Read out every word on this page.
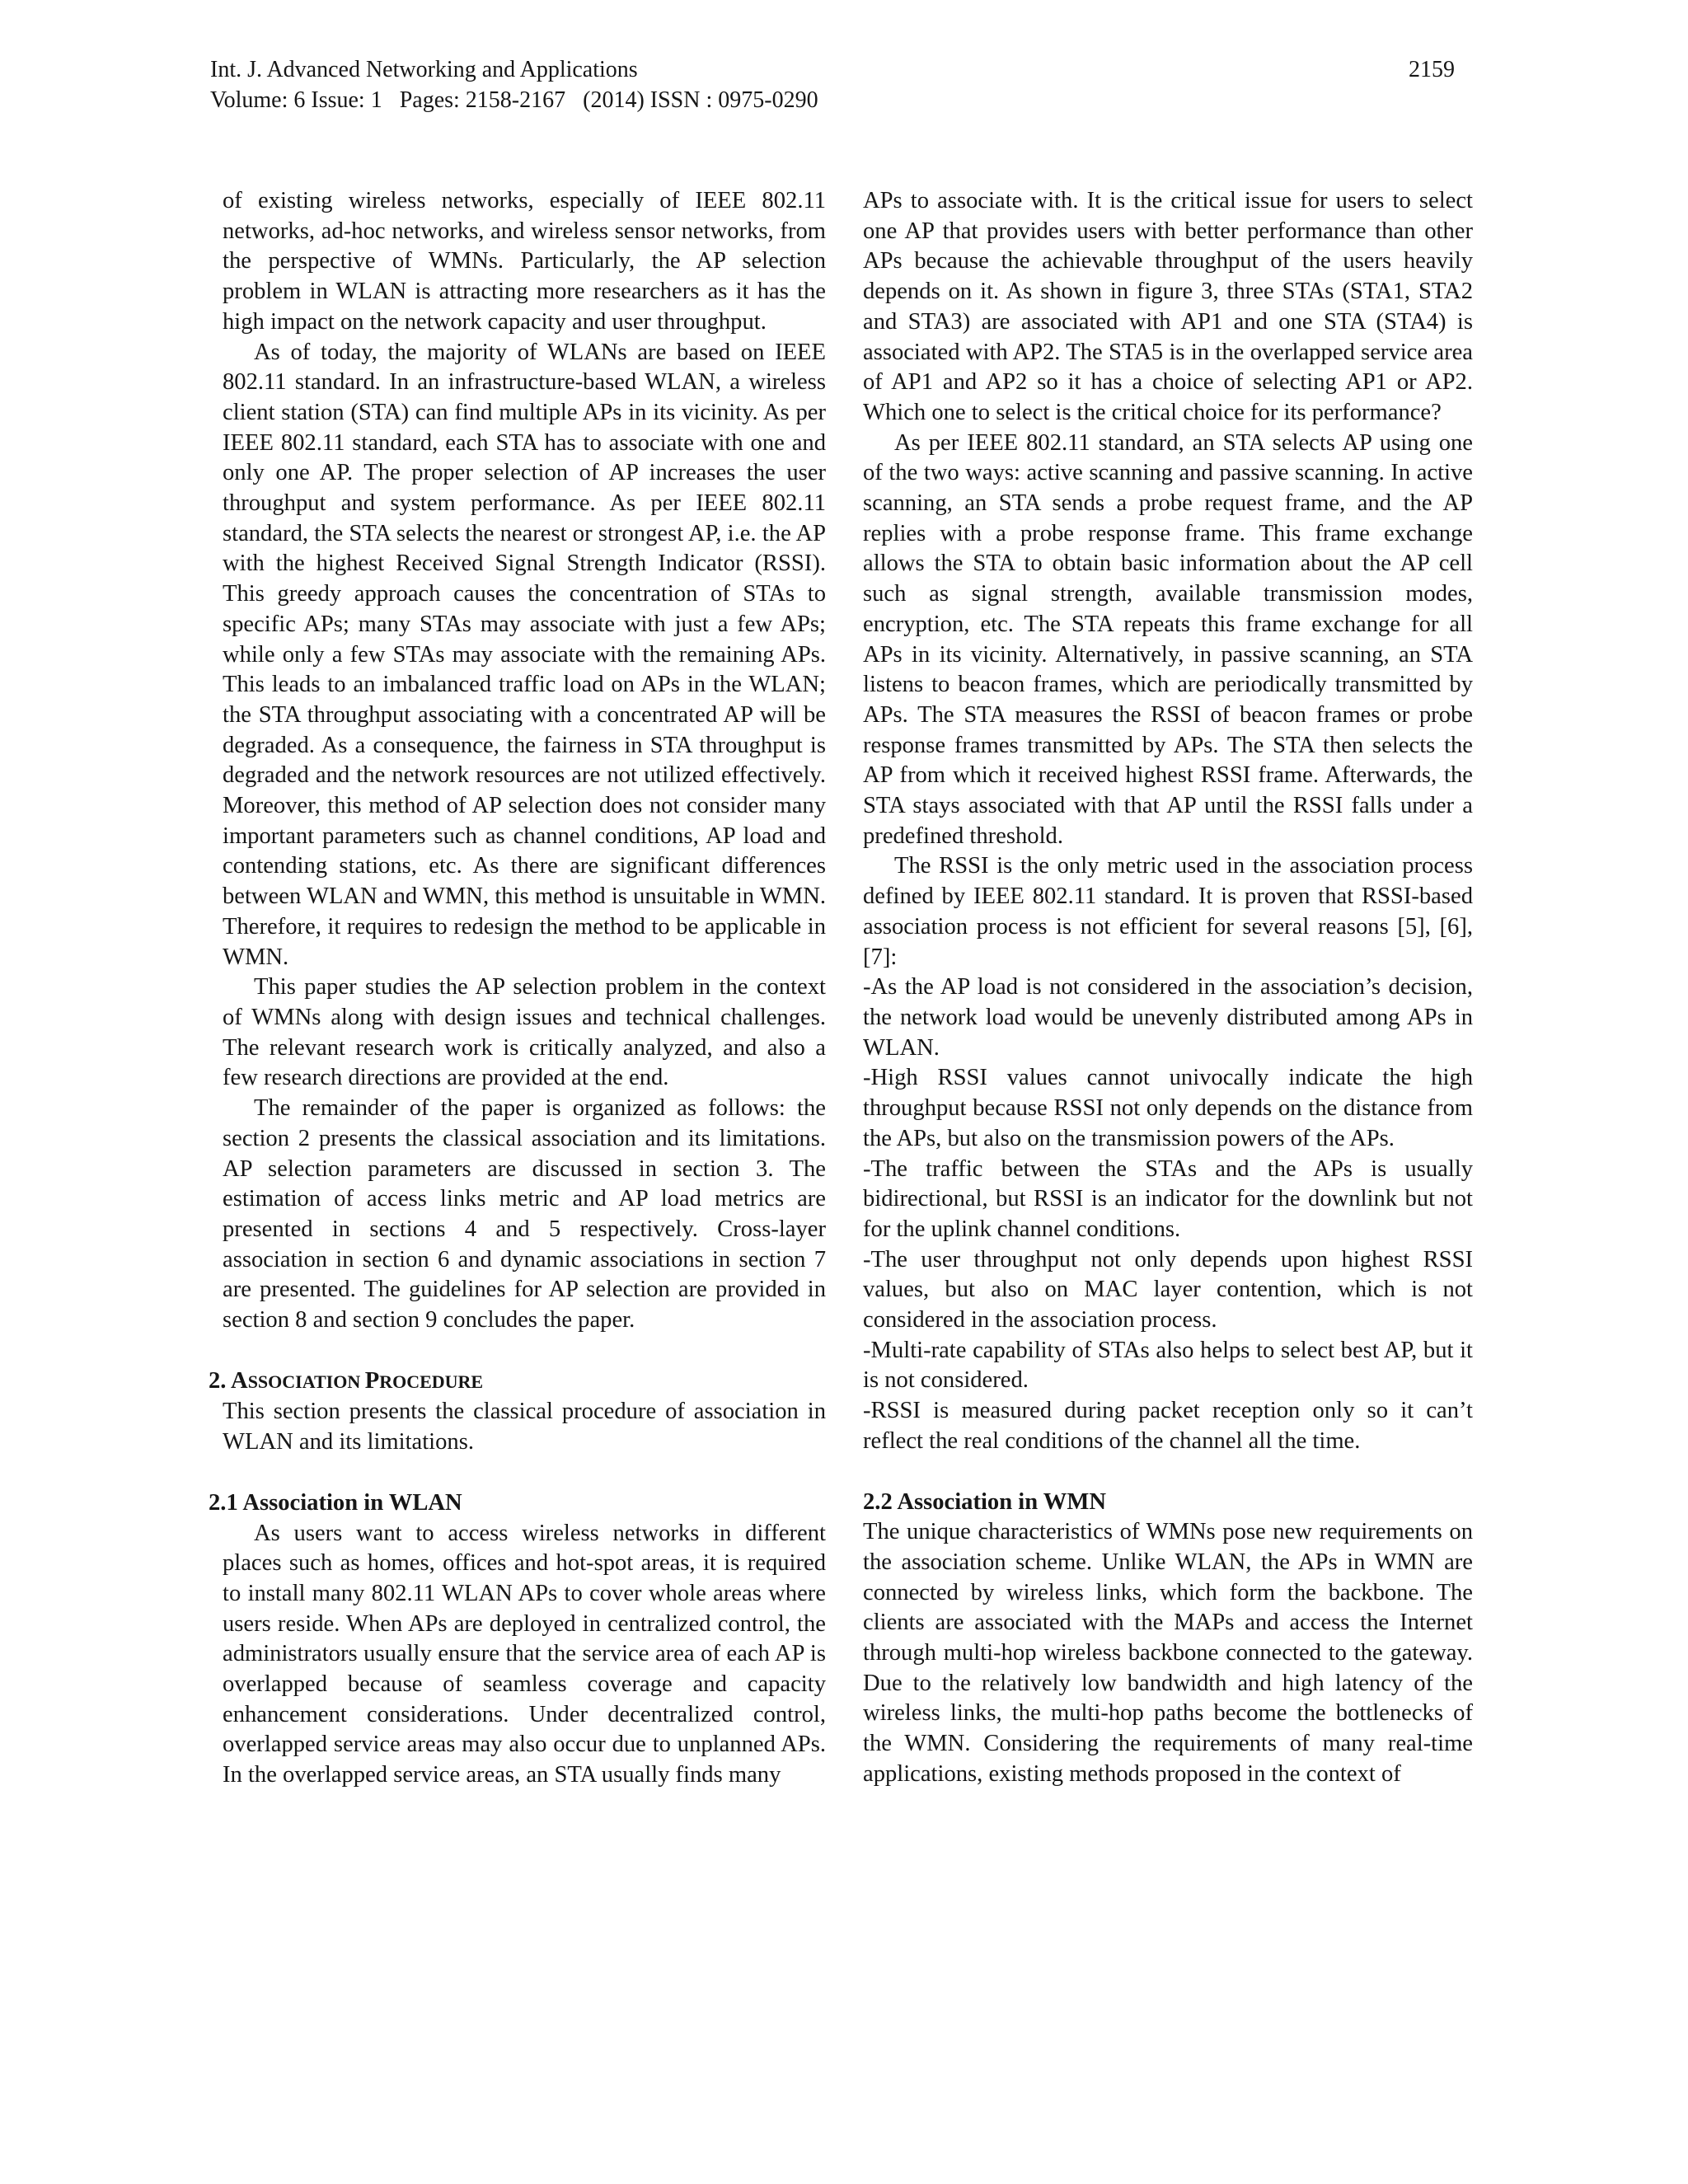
Int. J. Advanced Networking and Applications
Volume: 6 Issue: 1   Pages: 2158-2167   (2014) ISSN : 0975-0290
2159

of existing wireless networks, especially of IEEE 802.11 networks, ad-hoc networks, and wireless sensor networks, from the perspective of WMNs. Particularly, the AP selection problem in WLAN is attracting more researchers as it has the high impact on the network capacity and user throughput.

As of today, the majority of WLANs are based on IEEE 802.11 standard. In an infrastructure-based WLAN, a wireless client station (STA) can find multiple APs in its vicinity. As per IEEE 802.11 standard, each STA has to associate with one and only one AP. The proper selection of AP increases the user throughput and system performance. As per IEEE 802.11 standard, the STA selects the nearest or strongest AP, i.e. the AP with the highest Received Signal Strength Indicator (RSSI). This greedy approach causes the concentration of STAs to specific APs; many STAs may associate with just a few APs; while only a few STAs may associate with the remaining APs. This leads to an imbalanced traffic load on APs in the WLAN; the STA throughput associating with a concentrated AP will be degraded. As a consequence, the fairness in STA throughput is degraded and the network resources are not utilized effectively. Moreover, this method of AP selection does not consider many important parameters such as channel conditions, AP load and contending stations, etc. As there are significant differences between WLAN and WMN, this method is unsuitable in WMN. Therefore, it requires to redesign the method to be applicable in WMN.

This paper studies the AP selection problem in the context of WMNs along with design issues and technical challenges. The relevant research work is critically analyzed, and also a few research directions are provided at the end.

The remainder of the paper is organized as follows: the section 2 presents the classical association and its limitations. AP selection parameters are discussed in section 3. The estimation of access links metric and AP load metrics are presented in sections 4 and 5 respectively. Cross-layer association in section 6 and dynamic associations in section 7 are presented. The guidelines for AP selection are provided in section 8 and section 9 concludes the paper.

2. ASSOCIATION PROCEDURE

This section presents the classical procedure of association in WLAN and its limitations.

2.1 Association in WLAN

As users want to access wireless networks in different places such as homes, offices and hot-spot areas, it is required to install many 802.11 WLAN APs to cover whole areas where users reside. When APs are deployed in centralized control, the administrators usually ensure that the service area of each AP is overlapped because of seamless coverage and capacity enhancement considerations. Under decentralized control, overlapped service areas may also occur due to unplanned APs. In the overlapped service areas, an STA usually finds many

APs to associate with. It is the critical issue for users to select one AP that provides users with better performance than other APs because the achievable throughput of the users heavily depends on it. As shown in figure 3, three STAs (STA1, STA2 and STA3) are associated with AP1 and one STA (STA4) is associated with AP2. The STA5 is in the overlapped service area of AP1 and AP2 so it has a choice of selecting AP1 or AP2. Which one to select is the critical choice for its performance?

As per IEEE 802.11 standard, an STA selects AP using one of the two ways: active scanning and passive scanning. In active scanning, an STA sends a probe request frame, and the AP replies with a probe response frame. This frame exchange allows the STA to obtain basic information about the AP cell such as signal strength, available transmission modes, encryption, etc. The STA repeats this frame exchange for all APs in its vicinity. Alternatively, in passive scanning, an STA listens to beacon frames, which are periodically transmitted by APs. The STA measures the RSSI of beacon frames or probe response frames transmitted by APs. The STA then selects the AP from which it received highest RSSI frame. Afterwards, the STA stays associated with that AP until the RSSI falls under a predefined threshold.

The RSSI is the only metric used in the association process defined by IEEE 802.11 standard. It is proven that RSSI-based association process is not efficient for several reasons [5], [6], [7]:

-As the AP load is not considered in the association’s decision, the network load would be unevenly distributed among APs in WLAN.

-High RSSI values cannot univocally indicate the high throughput because RSSI not only depends on the distance from the APs, but also on the transmission powers of the APs.

-The traffic between the STAs and the APs is usually bidirectional, but RSSI is an indicator for the downlink but not for the uplink channel conditions.

-The user throughput not only depends upon highest RSSI values, but also on MAC layer contention, which is not considered in the association process.

-Multi-rate capability of STAs also helps to select best AP, but it is not considered.

-RSSI is measured during packet reception only so it can’t reflect the real conditions of the channel all the time.

2.2 Association in WMN

The unique characteristics of WMNs pose new requirements on the association scheme. Unlike WLAN, the APs in WMN are connected by wireless links, which form the backbone. The clients are associated with the MAPs and access the Internet through multi-hop wireless backbone connected to the gateway. Due to the relatively low bandwidth and high latency of the wireless links, the multi-hop paths become the bottlenecks of the WMN. Considering the requirements of many real-time applications, existing methods proposed in the context of
